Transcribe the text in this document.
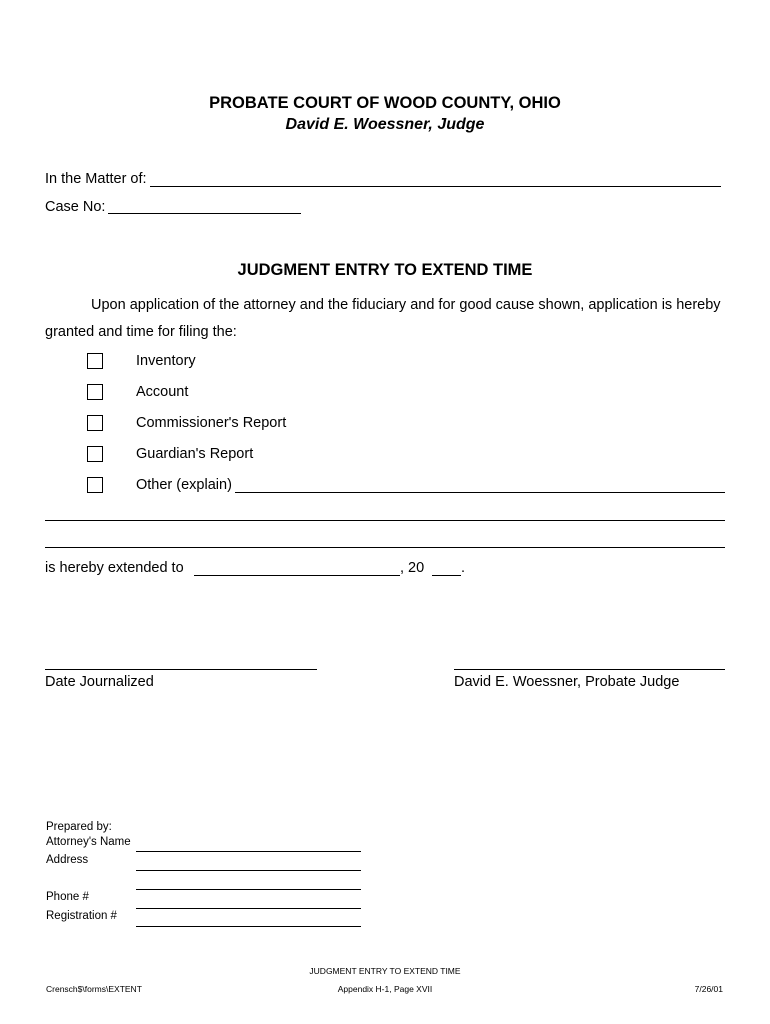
PROBATE COURT OF WOOD COUNTY, OHIO
David E. Woessner, Judge
In the Matter of:
Case No:
JUDGMENT ENTRY TO EXTEND TIME
Upon application of the attorney and the fiduciary and for good cause shown, application is hereby
granted and time for filing the:
Inventory
Account
Commissioner's Report
Guardian's Report
Other (explain)
is hereby extended to	, 20	.
Date Journalized	David E. Woessner, Probate Judge
Prepared by:
Attorney's Name
Address
Phone #
Registration #
JUDGMENT ENTRY TO EXTEND TIME
Crensch$\forms\EXTENT	Appendix H-1, Page XVII	7/26/01
